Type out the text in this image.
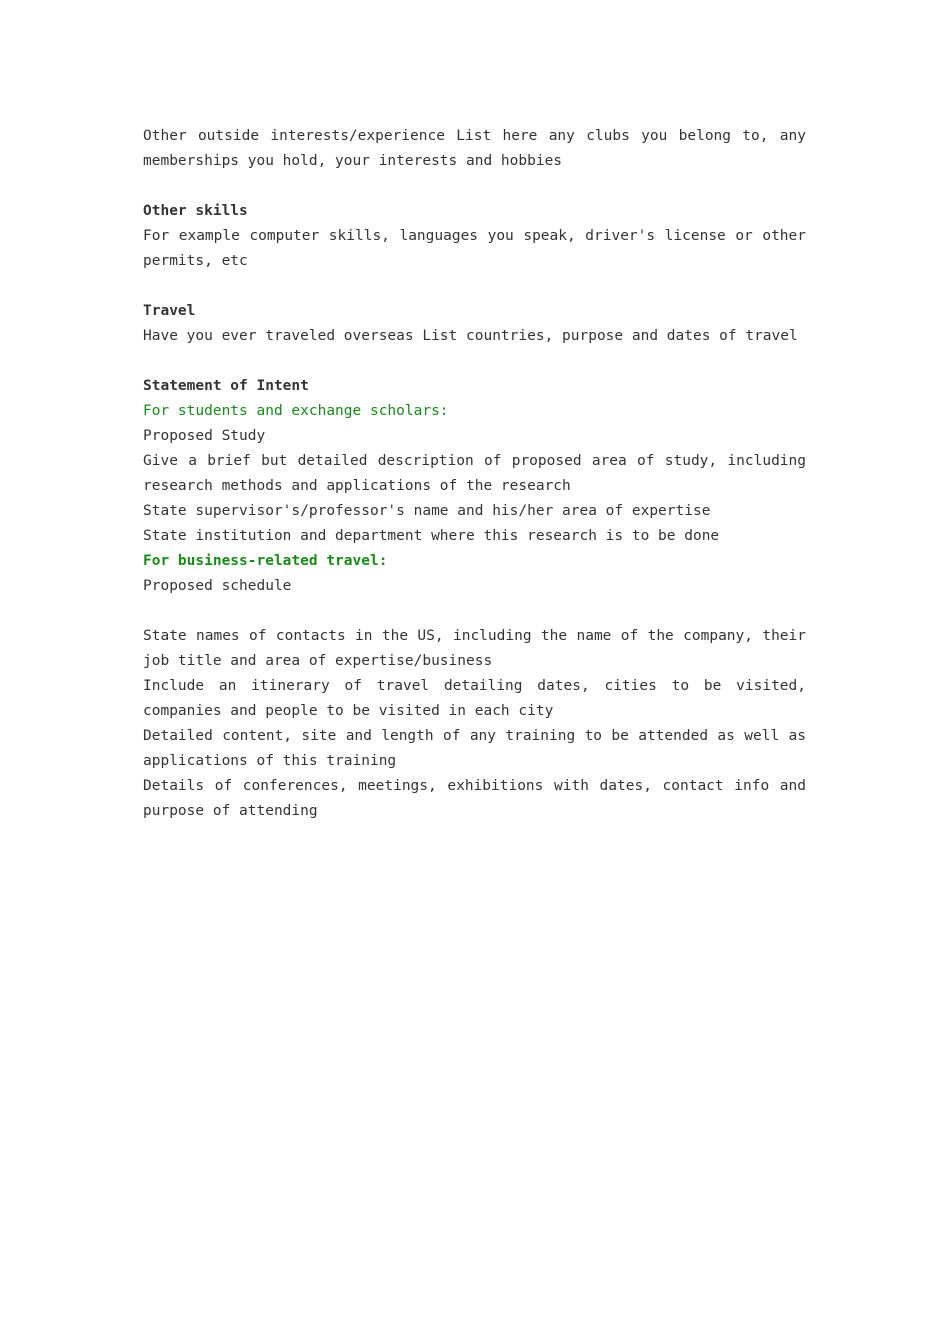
Other outside interests/experience List here any clubs you belong to, any memberships you hold, your interests and hobbies

Other skills

For example computer skills, languages you speak, driver's license or other permits, etc

Travel

Have you ever traveled overseas List countries, purpose and dates of travel

Statement of Intent

For students and exchange scholars:

Proposed Study

Give a brief but detailed description of proposed area of study, including research methods and applications of the research

State supervisor's/professor's name and his/her area of expertise

State institution and department where this research is to be done

For business-related travel:

Proposed schedule

State names of contacts in the US, including the name of the company, their job title and area of expertise/business

Include an itinerary of travel detailing dates, cities to be visited, companies and people to be visited in each city

Detailed content, site and length of any training to be attended as well as applications of this training

Details of conferences, meetings, exhibitions with dates, contact info and purpose of attending
